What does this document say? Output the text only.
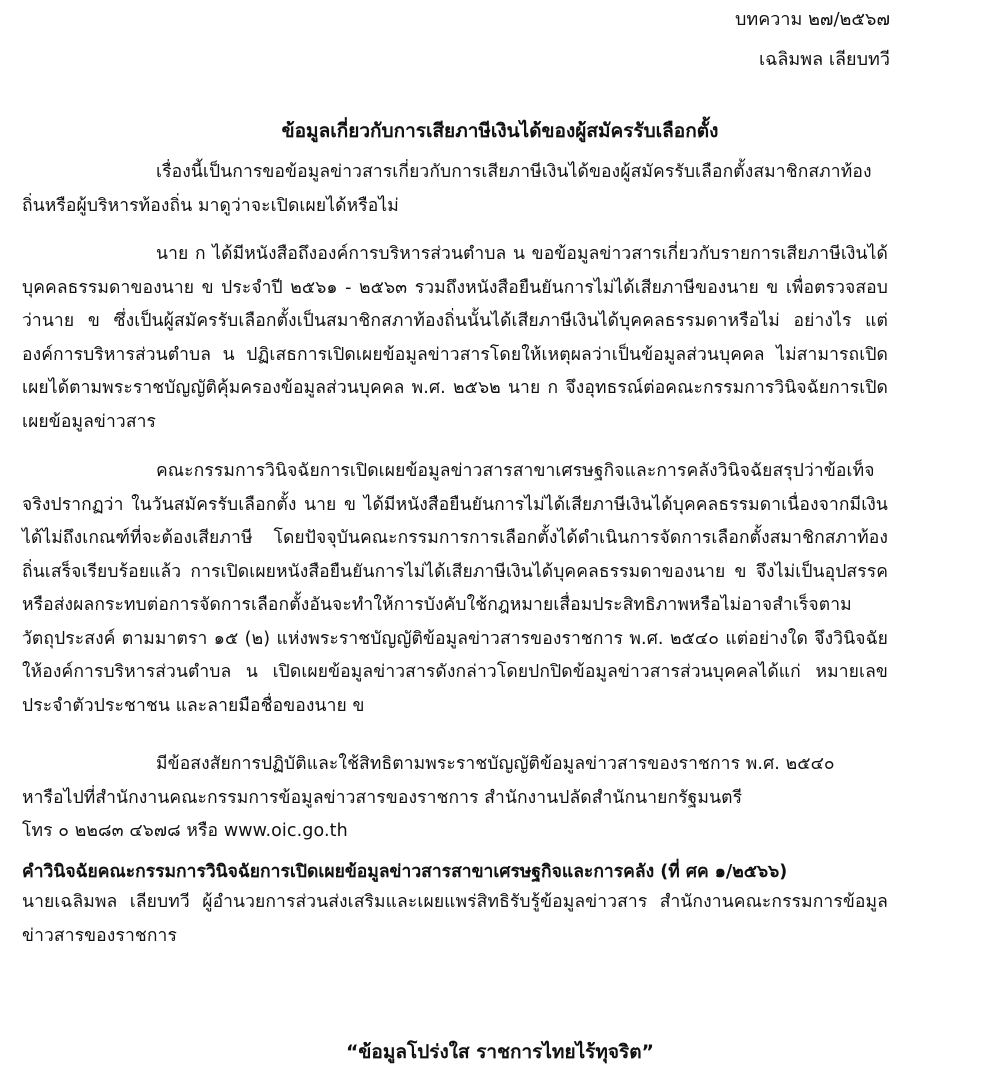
บทความ ๒๗/๒๕๖๗
เฉลิมพล เลียบทวี
ข้อมูลเกี่ยวกับการเสียภาษีเงินได้ของผู้สมัครรับเลือกตั้ง
เรื่องนี้เป็นการขอข้อมูลข่าวสารเกี่ยวกับการเสียภาษีเงินได้ของผู้สมัครรับเลือกตั้งสมาชิกสภาท้องถิ่นหรือผู้บริหารท้องถิ่น มาดูว่าจะเปิดเผยได้หรือไม่
นาย ก ได้มีหนังสือถึงองค์การบริหารส่วนตำบล น ขอข้อมูลข่าวสารเกี่ยวกับรายการเสียภาษีเงินได้บุคคลธรรมดาของนาย ข ประจำปี ๒๕๖๑ - ๒๕๖๓ รวมถึงหนังสือยืนยันการไม่ได้เสียภาษีของนาย ข เพื่อตรวจสอบว่านาย ข ซึ่งเป็นผู้สมัครรับเลือกตั้งเป็นสมาชิกสภาท้องถิ่นนั้นได้เสียภาษีเงินได้บุคคลธรรมดาหรือไม่ อย่างไร แต่องค์การบริหารส่วนตำบล น ปฏิเสธการเปิดเผยข้อมูลข่าวสารโดยให้เหตุผลว่าเป็นข้อมูลส่วนบุคคล ไม่สามารถเปิดเผยได้ตามพระราชบัญญัติคุ้มครองข้อมูลส่วนบุคคล พ.ศ. ๒๕๖๒ นาย ก จึงอุทธรณ์ต่อคณะกรรมการวินิจฉัยการเปิดเผยข้อมูลข่าวสาร
คณะกรรมการวินิจฉัยการเปิดเผยข้อมูลข่าวสารสาขาเศรษฐกิจและการคลังวินิจฉัยสรุปว่าข้อเท็จจริงปรากฏว่า ในวันสมัครรับเลือกตั้ง นาย ข ได้มีหนังสือยืนยันการไม่ได้เสียภาษีเงินได้บุคคลธรรมดาเนื่องจากมีเงินได้ไม่ถึงเกณฑ์ที่จะต้องเสียภาษี โดยปัจจุบันคณะกรรมการการเลือกตั้งได้ดำเนินการจัดการเลือกตั้งสมาชิกสภาท้องถิ่นเสร็จเรียบร้อยแล้ว การเปิดเผยหนังสือยืนยันการไม่ได้เสียภาษีเงินได้บุคคลธรรมดาของนาย ข จึงไม่เป็นอุปสรรคหรือส่งผลกระทบต่อการจัดการเลือกตั้งอันจะทำให้การบังคับใช้กฎหมายเสื่อมประสิทธิภาพหรือไม่อาจสำเร็จตามวัตถุประสงค์ ตามมาตรา ๑๕ (๒) แห่งพระราชบัญญัติข้อมูลข่าวสารของราชการ พ.ศ. ๒๕๔๐ แต่อย่างใด จึงวินิจฉัยให้องค์การบริหารส่วนตำบล น เปิดเผยข้อมูลข่าวสารดังกล่าวโดยปกปิดข้อมูลข่าวสารส่วนบุคคลได้แก่ หมายเลขประจำตัวประชาชน และลายมือชื่อของนาย ข
มีข้อสงสัยการปฏิบัติและใช้สิทธิตามพระราชบัญญัติข้อมูลข่าวสารของราชการ พ.ศ. ๒๕๔๐
หารือไปที่สำนักงานคณะกรรมการข้อมูลข่าวสารของราชการ สำนักงานปลัดสำนักนายกรัฐมนตรี
โทร ๐ ๒๒๘๓ ๔๖๗๘ หรือ www.oic.go.th
คำวินิจฉัยคณะกรรมการวินิจฉัยการเปิดเผยข้อมูลข่าวสารสาขาเศรษฐกิจและการคลัง (ที่ ศค ๑/๒๕๖๖)
นายเฉลิมพล เลียบทวี ผู้อำนวยการส่วนส่งเสริมและเผยแพร่สิทธิรับรู้ข้อมูลข่าวสาร สำนักงานคณะกรรมการข้อมูลข่าวสารของราชการ
“ข้อมูลโปร่งใส ราชการไทยไร้ทุจริต”
